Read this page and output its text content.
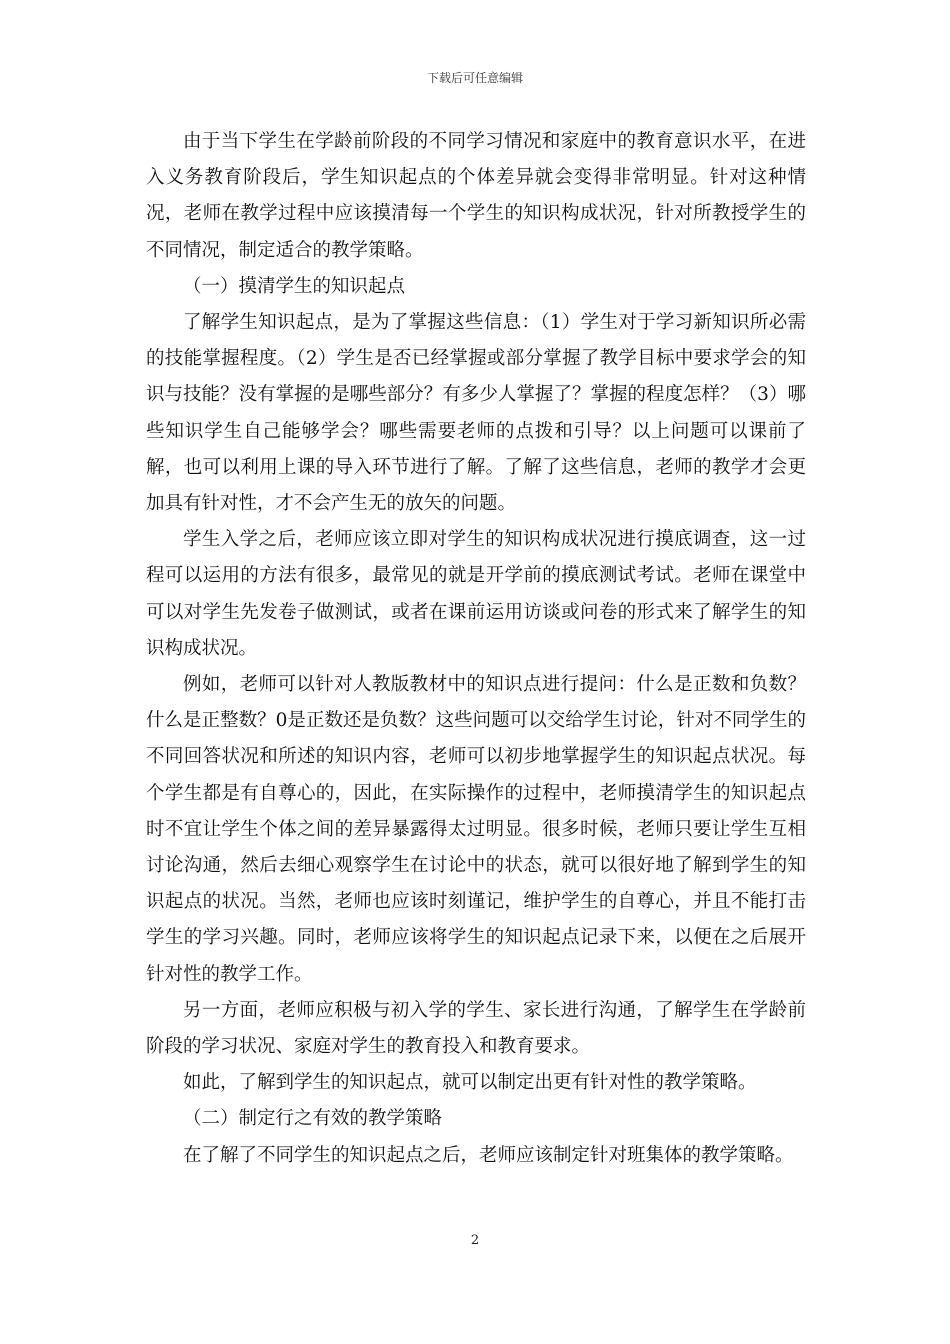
下载后可任意编辑

由于当下学生在学龄前阶段的不同学习情况和家庭中的教育意识水平，在进入义务教育阶段后，学生知识起点的个体差异就会变得非常明显。针对这种情况，老师在教学过程中应该摸清每一个学生的知识构成状况，针对所教授学生的不同情况，制定适合的教学策略。

（一）摸清学生的知识起点

了解学生知识起点，是为了掌握这些信息：（1）学生对于学习新知识所必需的技能掌握程度。（2）学生是否已经掌握或部分掌握了教学目标中要求学会的知识与技能？没有掌握的是哪些部分？有多少人掌握了？掌握的程度怎样？（3）哪些知识学生自己能够学会？哪些需要老师的点拨和引导？以上问题可以课前了解，也可以利用上课的导入环节进行了解。了解了这些信息，老师的教学才会更加具有针对性，才不会产生无的放矢的问题。

学生入学之后，老师应该立即对学生的知识构成状况进行摸底调查，这一过程可以运用的方法有很多，最常见的就是开学前的摸底测试考试。老师在课堂中可以对学生先发卷子做测试，或者在课前运用访谈或问卷的形式来了解学生的知识构成状况。

例如，老师可以针对人教版教材中的知识点进行提问：什么是正数和负数？什么是正整数？0是正数还是负数？这些问题可以交给学生讨论，针对不同学生的不同回答状况和所述的知识内容，老师可以初步地掌握学生的知识起点状况。每个学生都是有自尊心的，因此，在实际操作的过程中，老师摸清学生的知识起点时不宜让学生个体之间的差异暴露得太过明显。很多时候，老师只要让学生互相讨论沟通，然后去细心观察学生在讨论中的状态，就可以很好地了解到学生的知识起点的状况。当然，老师也应该时刻谨记，维护学生的自尊心，并且不能打击学生的学习兴趣。同时，老师应该将学生的知识起点记录下来，以便在之后展开针对性的教学工作。

另一方面，老师应积极与初入学的学生、家长进行沟通，了解学生在学龄前阶段的学习状况、家庭对学生的教育投入和教育要求。

如此，了解到学生的知识起点，就可以制定出更有针对性的教学策略。

（二）制定行之有效的教学策略

在了解了不同学生的知识起点之后，老师应该制定针对班集体的教学策略。

2
